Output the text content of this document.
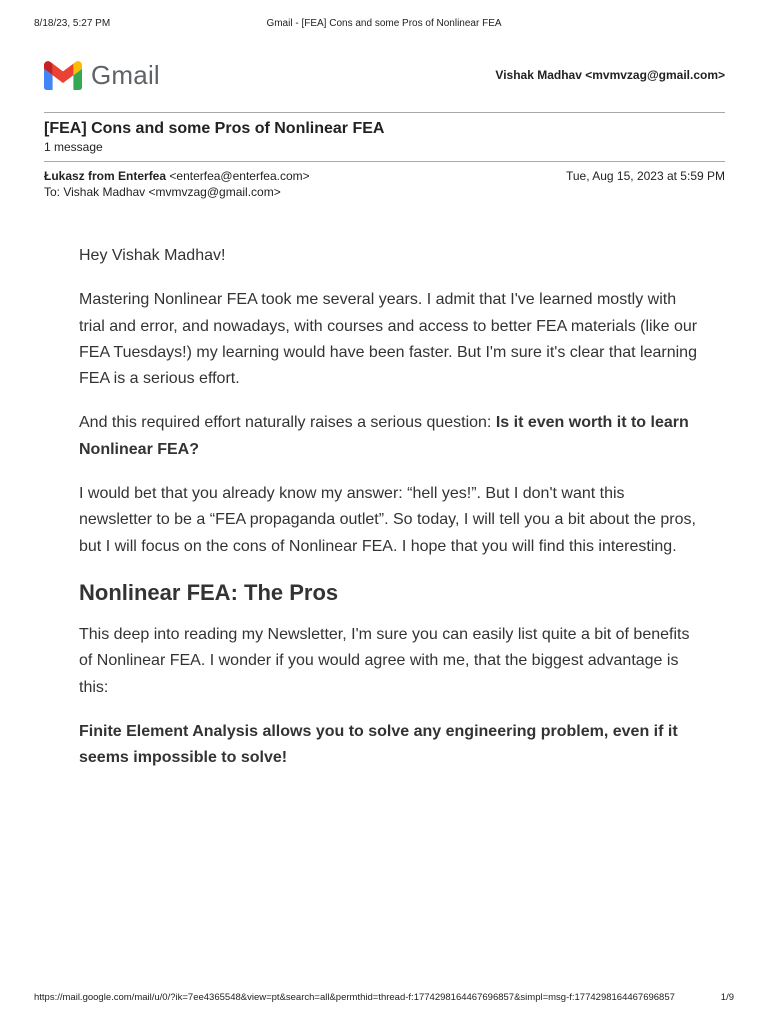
8/18/23, 5:27 PM	Gmail - [FEA] Cons and some Pros of Nonlinear FEA
Gmail	Vishak Madhav <mvmvzag@gmail.com>
[FEA] Cons and some Pros of Nonlinear FEA
1 message
Łukasz from Enterfea <enterfea@enterfea.com>	Tue, Aug 15, 2023 at 5:59 PM
To: Vishak Madhav <mvmvzag@gmail.com>

Hey Vishak Madhav!

Mastering Nonlinear FEA took me several years. I admit that I've learned mostly with trial and error, and nowadays, with courses and access to better FEA materials (like our FEA Tuesdays!) my learning would have been faster. But I'm sure it's clear that learning FEA is a serious effort.

And this required effort naturally raises a serious question: Is it even worth it to learn Nonlinear FEA?

I would bet that you already know my answer: “hell yes!”. But I don't want this newsletter to be a “FEA propaganda outlet”. So today, I will tell you a bit about the pros, but I will focus on the cons of Nonlinear FEA. I hope that you will find this interesting.

Nonlinear FEA: The Pros

This deep into reading my Newsletter, I'm sure you can easily list quite a bit of benefits of Nonlinear FEA. I wonder if you would agree with me, that the biggest advantage is this:

Finite Element Analysis allows you to solve any engineering problem, even if it seems impossible to solve!

https://mail.google.com/mail/u/0/?ik=7ee4365548&view=pt&search=all&permthid=thread-f:1774298164467696857&simpl=msg-f:1774298164467696857	1/9
